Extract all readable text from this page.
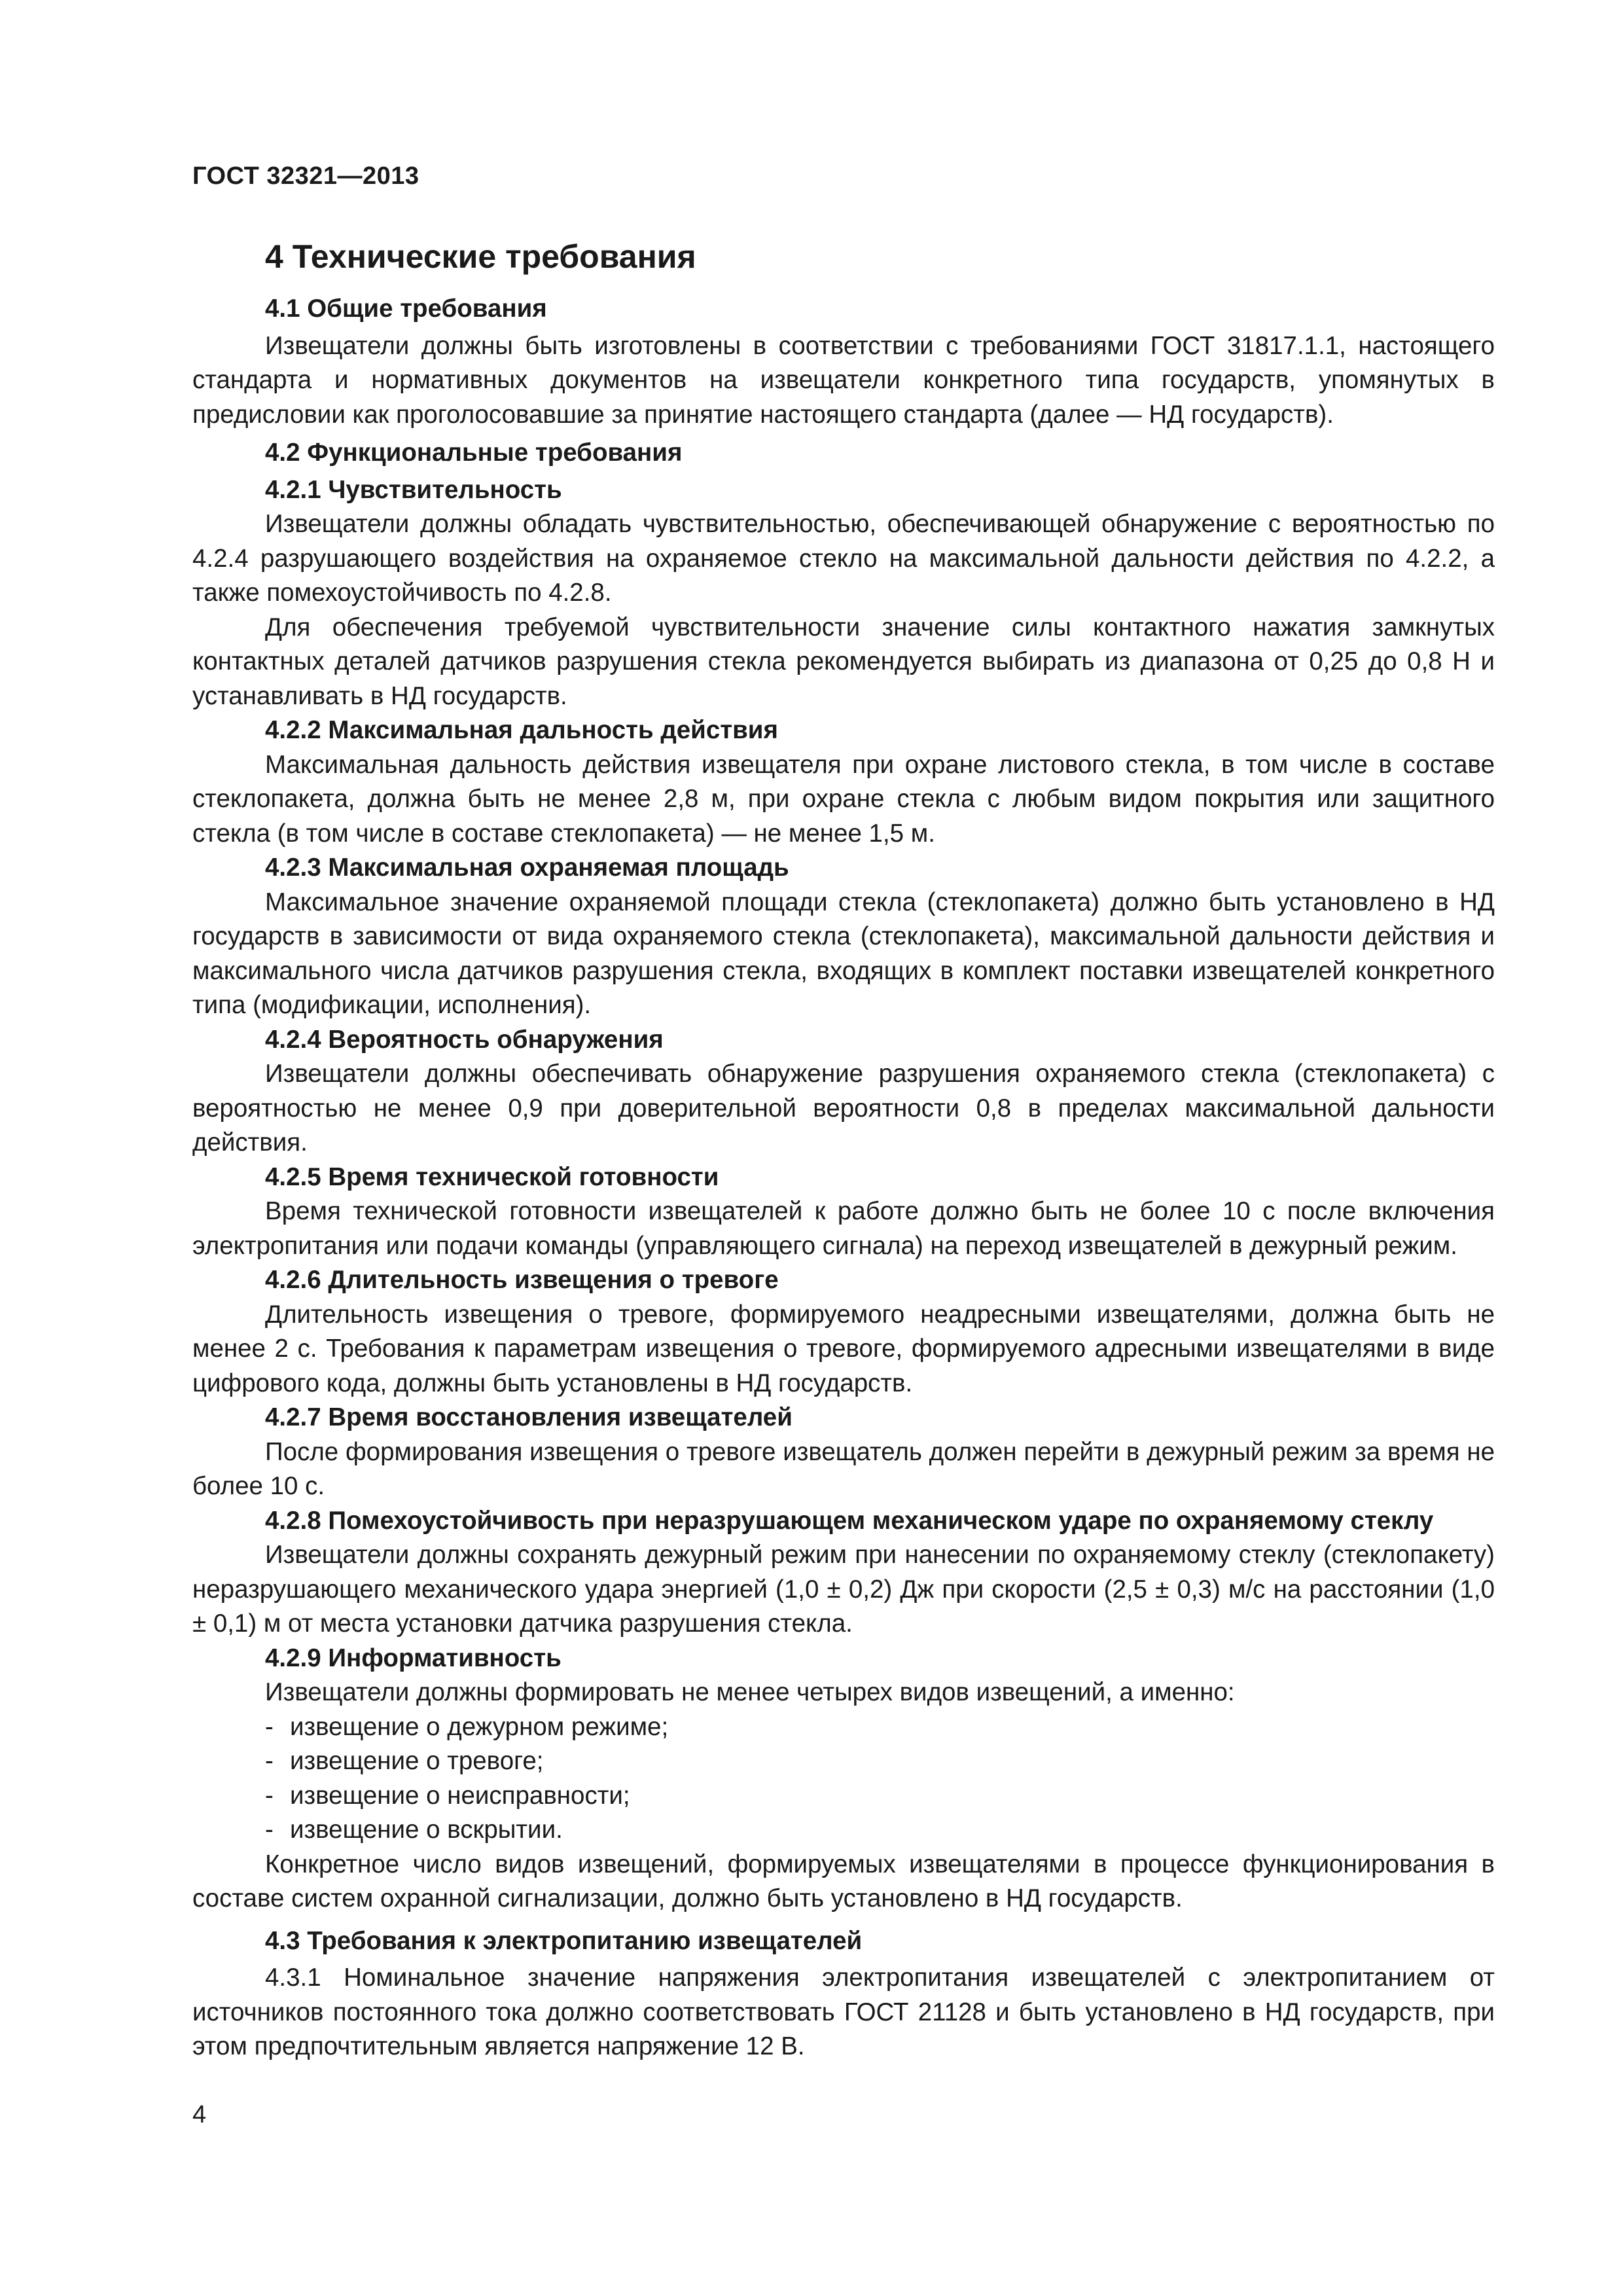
ГОСТ 32321—2013
4 Технические требования
4.1 Общие требования

Извещатели должны быть изготовлены в соответствии с требованиями ГОСТ 31817.1.1, настоящего стандарта и нормативных документов на извещатели конкретного типа государств, упомянутых в предисловии как проголосовавшие за принятие настоящего стандарта (далее — НД государств).

4.2 Функциональные требования
4.2.1 Чувствительность

Извещатели должны обладать чувствительностью, обеспечивающей обнаружение с вероятностью по 4.2.4 разрушающего воздействия на охраняемое стекло на максимальной дальности действия по 4.2.2, а также помехоустойчивость по 4.2.8.

Для обеспечения требуемой чувствительности значение силы контактного нажатия замкнутых контактных деталей датчиков разрушения стекла рекомендуется выбирать из диапазона от 0,25 до 0,8 Н и устанавливать в НД государств.

4.2.2 Максимальная дальность действия

Максимальная дальность действия извещателя при охране листового стекла, в том числе в составе стеклопакета, должна быть не менее 2,8 м, при охране стекла с любым видом покрытия или защитного стекла (в том числе в составе стеклопакета) — не менее 1,5 м.

4.2.3 Максимальная охраняемая площадь

Максимальное значение охраняемой площади стекла (стеклопакета) должно быть установлено в НД государств в зависимости от вида охраняемого стекла (стеклопакета), максимальной дальности действия и максимального числа датчиков разрушения стекла, входящих в комплект поставки извещателей конкретного типа (модификации, исполнения).

4.2.4 Вероятность обнаружения

Извещатели должны обеспечивать обнаружение разрушения охраняемого стекла (стеклопакета) с вероятностью не менее 0,9 при доверительной вероятности 0,8 в пределах максимальной дальности действия.

4.2.5 Время технической готовности

Время технической готовности извещателей к работе должно быть не более 10 с после включения электропитания или подачи команды (управляющего сигнала) на переход извещателей в дежурный режим.

4.2.6 Длительность извещения о тревоге

Длительность извещения о тревоге, формируемого неадресными извещателями, должна быть не менее 2 с. Требования к параметрам извещения о тревоге, формируемого адресными извещателями в виде цифрового кода, должны быть установлены в НД государств.

4.2.7 Время восстановления извещателей

После формирования извещения о тревоге извещатель должен перейти в дежурный режим за время не более 10 с.

4.2.8 Помехоустойчивость при неразрушающем механическом ударе по охраняемому стеклу

Извещатели должны сохранять дежурный режим при нанесении по охраняемому стеклу (стеклопакету) неразрушающего механического удара энергией (1,0 ± 0,2) Дж при скорости (2,5 ± 0,3) м/с на расстоянии (1,0 ± 0,1) м от места установки датчика разрушения стекла.

4.2.9 Информативность

Извещатели должны формировать не менее четырех видов извещений, а именно:

- извещение о дежурном режиме;
- извещение о тревоге;
- извещение о неисправности;
- извещение о вскрытии.

Конкретное число видов извещений, формируемых извещателями в процессе функционирования в составе систем охранной сигнализации, должно быть установлено в НД государств.

4.3 Требования к электропитанию извещателей

4.3.1 Номинальное значение напряжения электропитания извещателей с электропитанием от источников постоянного тока должно соответствовать ГОСТ 21128 и быть установлено в НД государств, при этом предпочтительным является напряжение 12 В.

4
